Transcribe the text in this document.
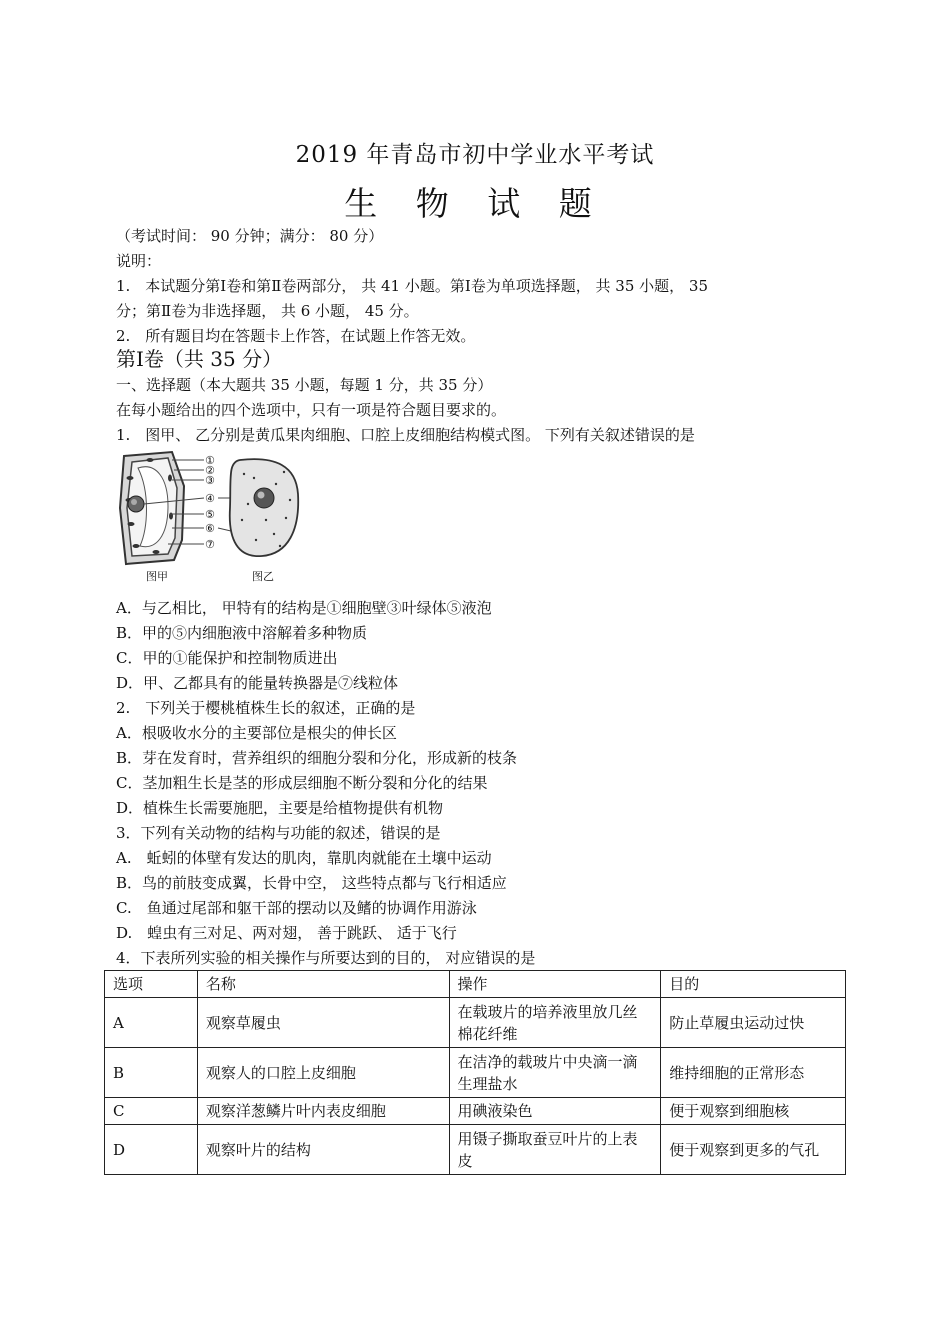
2019 年青岛市初中学业水平考试
生 物 试 题
（考试时间： 90 分钟；满分： 80 分）
说明：
1.　本试题分第Ⅰ卷和第Ⅱ卷两部分， 共 41 小题。第Ⅰ卷为单项选择题， 共 35 小题， 35
分；第Ⅱ卷为非选择题， 共 6 小题， 45 分。
2.　所有题目均在答题卡上作答，在试题上作答无效。
第Ⅰ卷（共 35 分）
一、选择题（本大题共 35 小题，每题 1 分，共 35 分）
在每小题给出的四个选项中，只有一项是符合题目要求的。
1.　图甲、 乙分别是黄瓜果肉细胞、口腔上皮细胞结构模式图。 下列有关叙述错误的是
①
②
③
④
⑤
⑥
⑦
图甲	图乙
A．与乙相比， 甲特有的结构是①细胞壁③叶绿体⑤液泡
B．甲的⑤内细胞液中溶解着多种物质
C．甲的①能保护和控制物质进出
D．甲、乙都具有的能量转换器是⑦线粒体
2.　下列关于樱桃植株生长的叙述，正确的是
A．根吸收水分的主要部位是根尖的伸长区
B．芽在发育时，营养组织的细胞分裂和分化，形成新的枝条
C．茎加粗生长是茎的形成层细胞不断分裂和分化的结果
D．植株生长需要施肥，主要是给植物提供有机物
3．下列有关动物的结构与功能的叙述，错误的是
A.　蚯蚓的体壁有发达的肌肉，靠肌肉就能在土壤中运动
B．鸟的前肢变成翼，长骨中空， 这些特点都与飞行相适应
C.　鱼通过尾部和躯干部的摆动以及鳍的协调作用游泳
D.　蝗虫有三对足、两对翅， 善于跳跃、 适于飞行
4．下表所列实验的相关操作与所要达到的目的， 对应错误的是
选项	名称	操作	目的
A	观察草履虫	在载玻片的培养液里放几丝棉花纤维	防止草履虫运动过快
B	观察人的口腔上皮细胞	在洁净的载玻片中央滴一滴生理盐水	维持细胞的正常形态
C	观察洋葱鳞片叶内表皮细胞	用碘液染色	便于观察到细胞核
D	观察叶片的结构	用镊子撕取蚕豆叶片的上表皮	便于观察到更多的气孔
